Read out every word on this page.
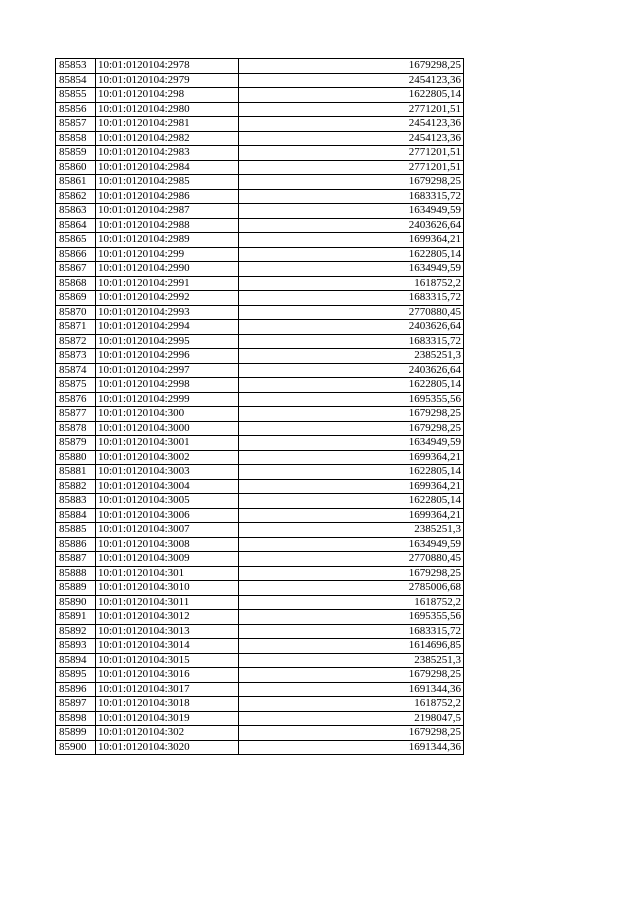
85853	10:01:0120104:2978	1679298,25
85854	10:01:0120104:2979	2454123,36
85855	10:01:0120104:298	1622805,14
85856	10:01:0120104:2980	2771201,51
85857	10:01:0120104:2981	2454123,36
85858	10:01:0120104:2982	2454123,36
85859	10:01:0120104:2983	2771201,51
85860	10:01:0120104:2984	2771201,51
85861	10:01:0120104:2985	1679298,25
85862	10:01:0120104:2986	1683315,72
85863	10:01:0120104:2987	1634949,59
85864	10:01:0120104:2988	2403626,64
85865	10:01:0120104:2989	1699364,21
85866	10:01:0120104:299	1622805,14
85867	10:01:0120104:2990	1634949,59
85868	10:01:0120104:2991	1618752,2
85869	10:01:0120104:2992	1683315,72
85870	10:01:0120104:2993	2770880,45
85871	10:01:0120104:2994	2403626,64
85872	10:01:0120104:2995	1683315,72
85873	10:01:0120104:2996	2385251,3
85874	10:01:0120104:2997	2403626,64
85875	10:01:0120104:2998	1622805,14
85876	10:01:0120104:2999	1695355,56
85877	10:01:0120104:300	1679298,25
85878	10:01:0120104:3000	1679298,25
85879	10:01:0120104:3001	1634949,59
85880	10:01:0120104:3002	1699364,21
85881	10:01:0120104:3003	1622805,14
85882	10:01:0120104:3004	1699364,21
85883	10:01:0120104:3005	1622805,14
85884	10:01:0120104:3006	1699364,21
85885	10:01:0120104:3007	2385251,3
85886	10:01:0120104:3008	1634949,59
85887	10:01:0120104:3009	2770880,45
85888	10:01:0120104:301	1679298,25
85889	10:01:0120104:3010	2785006,68
85890	10:01:0120104:3011	1618752,2
85891	10:01:0120104:3012	1695355,56
85892	10:01:0120104:3013	1683315,72
85893	10:01:0120104:3014	1614696,85
85894	10:01:0120104:3015	2385251,3
85895	10:01:0120104:3016	1679298,25
85896	10:01:0120104:3017	1691344,36
85897	10:01:0120104:3018	1618752,2
85898	10:01:0120104:3019	2198047,5
85899	10:01:0120104:302	1679298,25
85900	10:01:0120104:3020	1691344,36
